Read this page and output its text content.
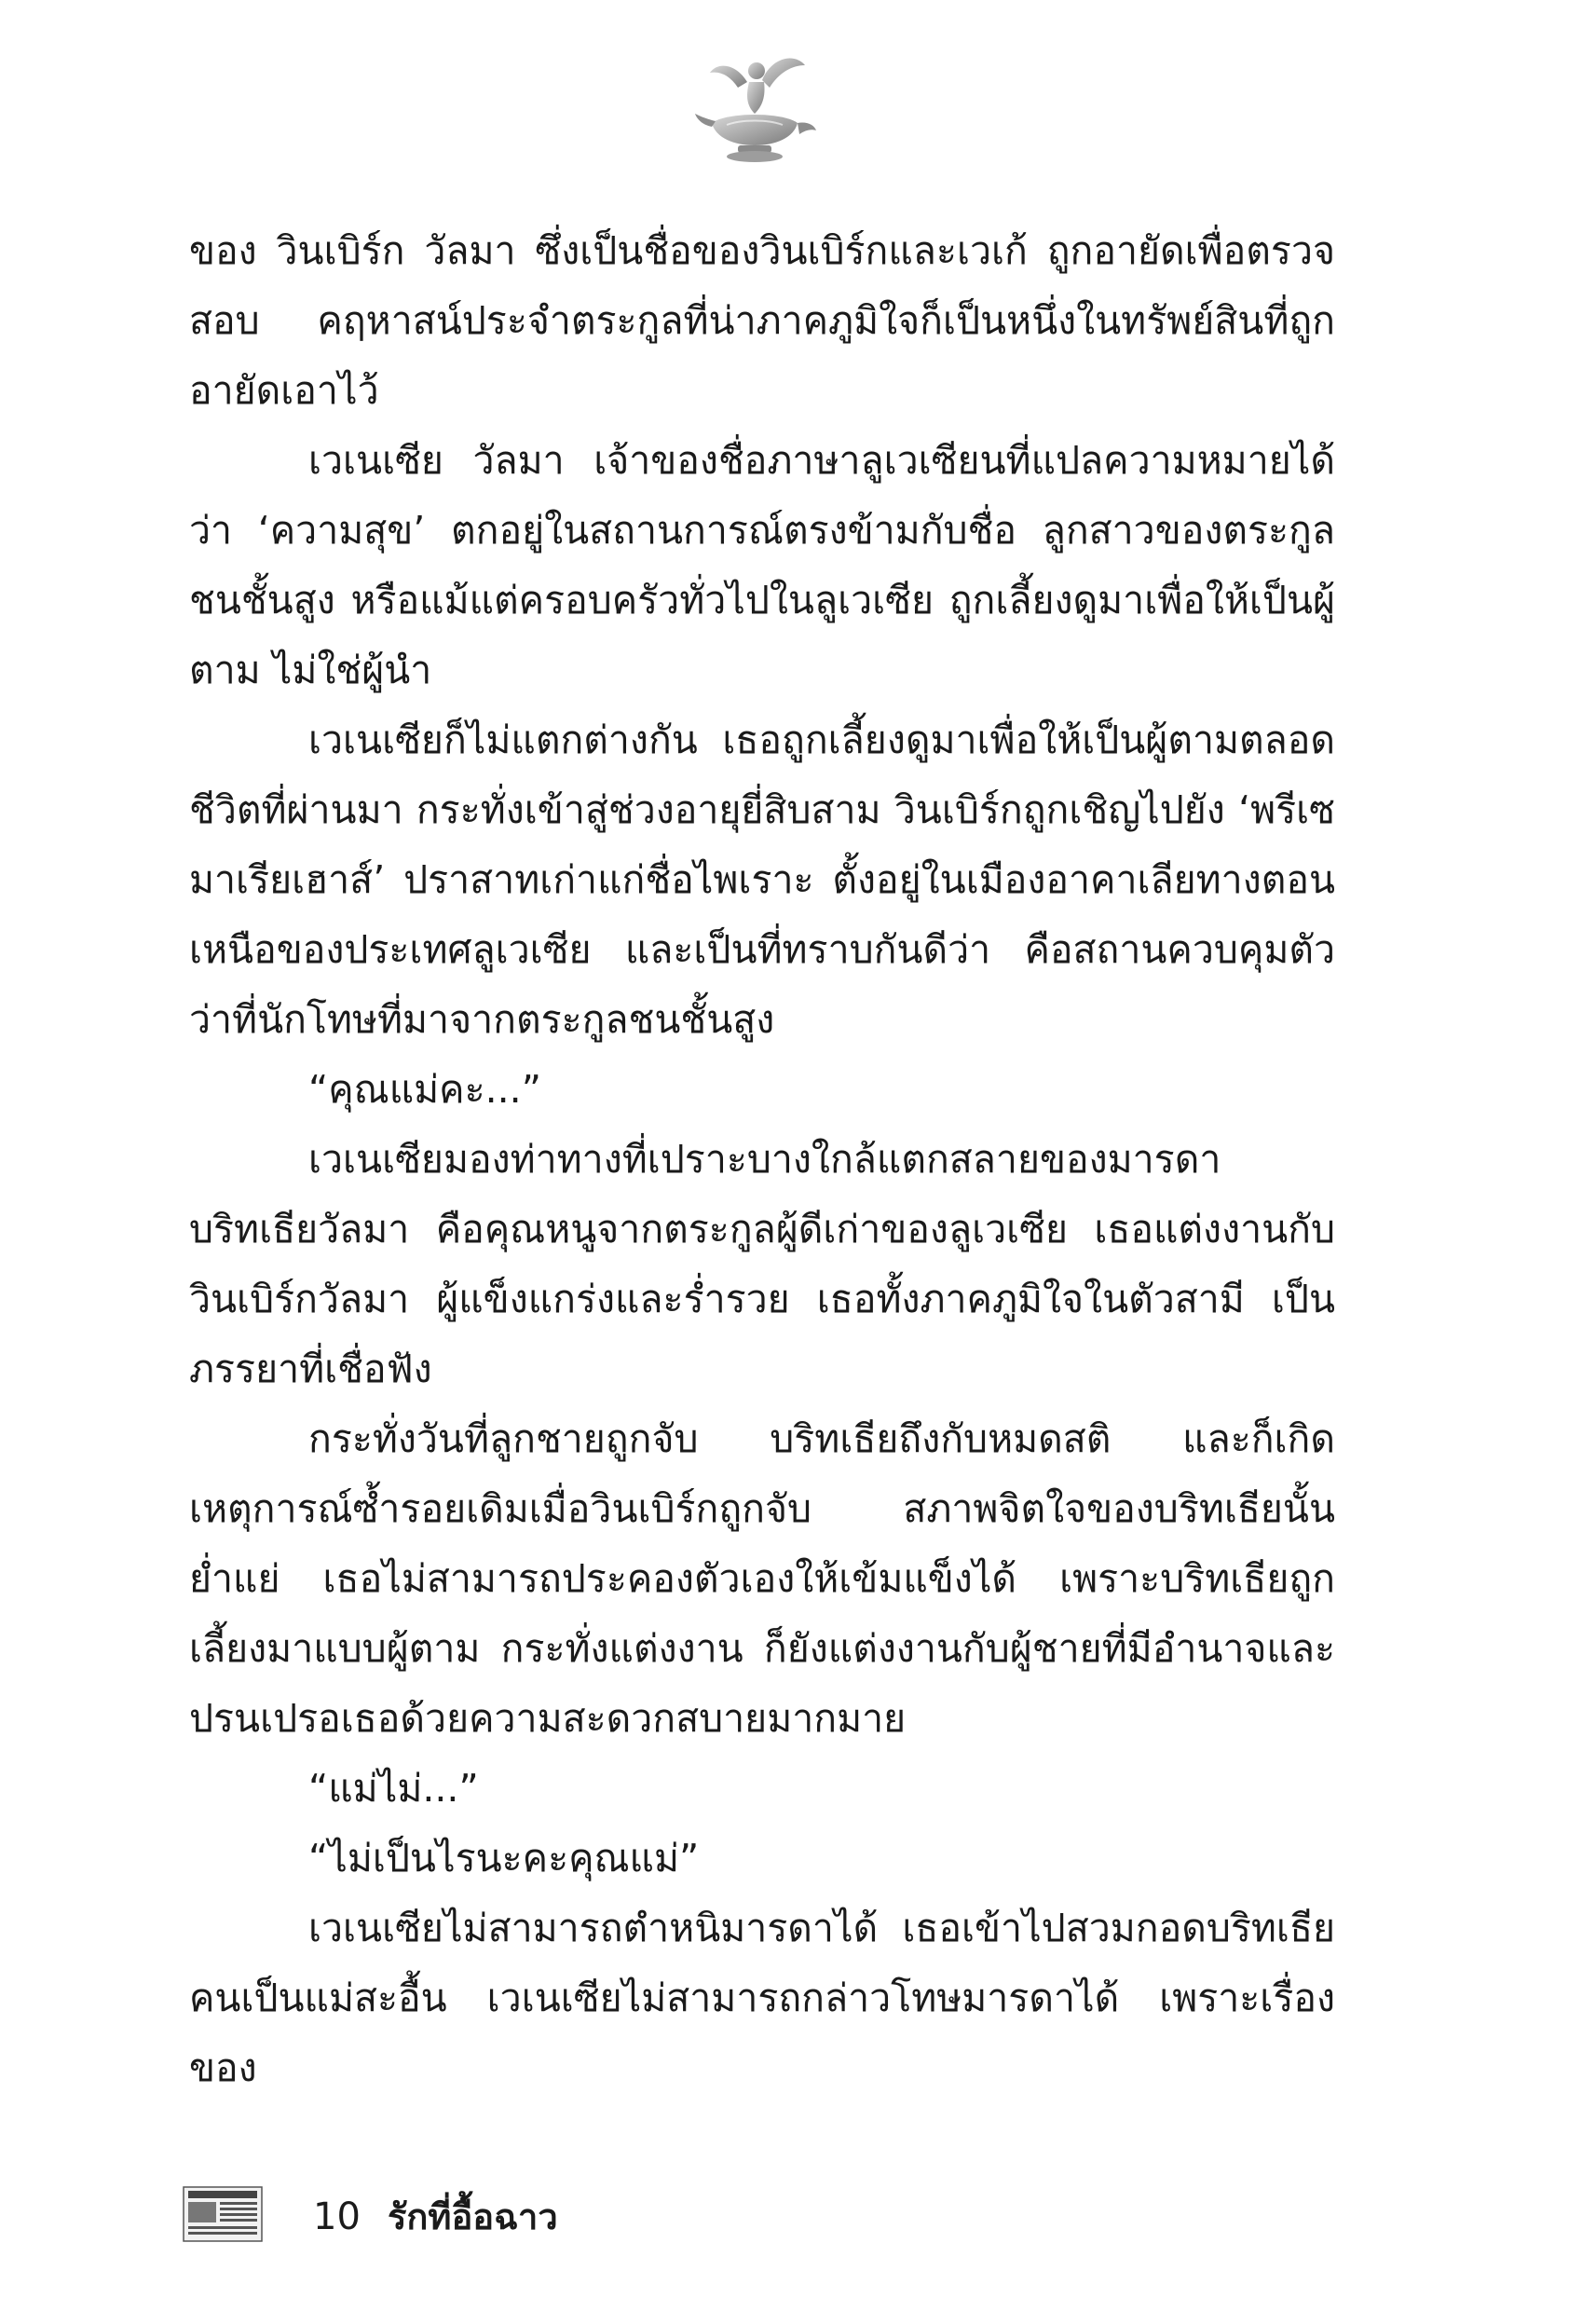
ของ วินเบิร์ก วัลมา ซึ่งเป็นชื่อของวินเบิร์กและเวเก้ ถูกอายัดเพื่อตรวจสอบ คฤหาสน์ประจำตระกูลที่น่าภาคภูมิใจก็เป็นหนึ่งในทรัพย์สินที่ถูกอายัดเอาไว้

เวเนเซีย วัลมา เจ้าของชื่อภาษาลูเวเซียนที่แปลความหมายได้ว่า ‘ความสุข’ ตกอยู่ในสถานการณ์ตรงข้ามกับชื่อ ลูกสาวของตระกูลชนชั้นสูง หรือแม้แต่ครอบครัวทั่วไปในลูเวเซีย ถูกเลี้ยงดูมาเพื่อให้เป็นผู้ตาม ไม่ใช่ผู้นำ

เวเนเซียก็ไม่แตกต่างกัน เธอถูกเลี้ยงดูมาเพื่อให้เป็นผู้ตามตลอดชีวิตที่ผ่านมา กระทั่งเข้าสู่ช่วงอายุยี่สิบสาม วินเบิร์กถูกเชิญไปยัง ‘พรีเซมาเรียเฮาส์’ ปราสาทเก่าแก่ชื่อไพเราะ ตั้งอยู่ในเมืองอาคาเลียทางตอนเหนือของประเทศลูเวเซีย และเป็นที่ทราบกันดีว่า คือสถานควบคุมตัวว่าที่นักโทษที่มาจากตระกูลชนชั้นสูง

“คุณแม่คะ...”

เวเนเซียมองท่าทางที่เปราะบางใกล้แตกสลายของมารดา บริทเธียวัลมา คือคุณหนูจากตระกูลผู้ดีเก่าของลูเวเซีย เธอแต่งงานกับ วินเบิร์กวัลมา ผู้แข็งแกร่งและร่ำรวย เธอทั้งภาคภูมิใจในตัวสามี เป็นภรรยาที่เชื่อฟัง

กระทั่งวันที่ลูกชายถูกจับ บริทเธียถึงกับหมดสติ และก็เกิดเหตุการณ์ซ้ำรอยเดิมเมื่อวินเบิร์กถูกจับ สภาพจิตใจของบริทเธียนั้นย่ำแย่ เธอไม่สามารถประคองตัวเองให้เข้มแข็งได้ เพราะบริทเธียถูกเลี้ยงมาแบบผู้ตาม กระทั่งแต่งงาน ก็ยังแต่งงานกับผู้ชายที่มีอำนาจและปรนเปรอเธอด้วยความสะดวกสบายมากมาย

“แม่ไม่...”

“ไม่เป็นไรนะคะคุณแม่”

เวเนเซียไม่สามารถตำหนิมารดาได้ เธอเข้าไปสวมกอดบริทเธียคนเป็นแม่สะอื้น เวเนเซียไม่สามารถกล่าวโทษมารดาได้ เพราะเรื่องของ

10 รักที่อื้อฉาว
